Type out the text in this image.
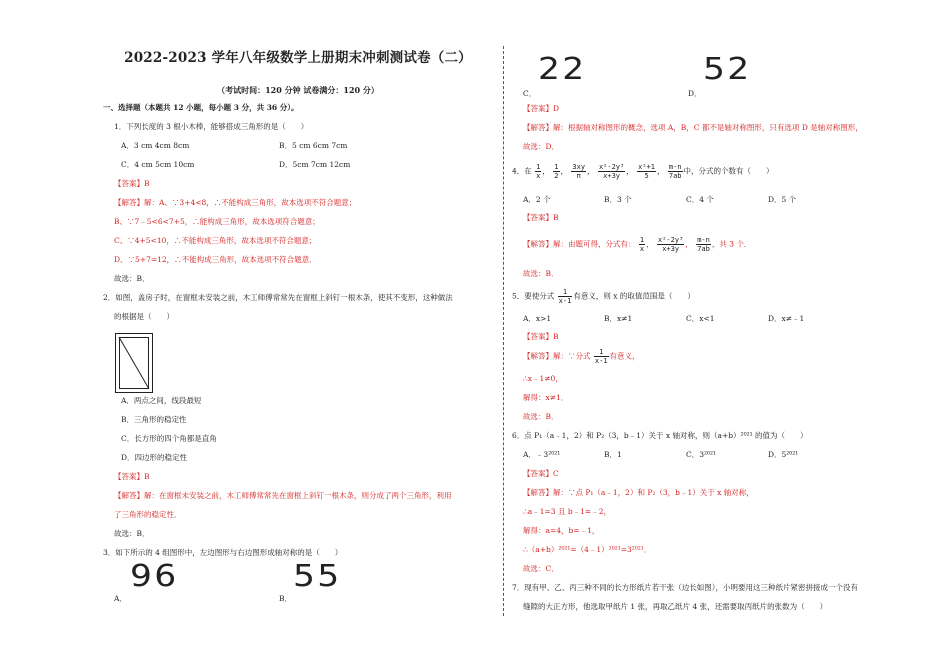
2022-2023 学年八年级数学上册期末冲刺测试卷（二）
（考试时间：120 分钟 试卷满分：120 分）
一、选择题（本题共 12 小题，每小题 3 分，共 36 分）。
1．下列长度的 3 根小木棒，能够搭成三角形的是（　　）
A．3 cm 4cm 8cm	B．5 cm 6cm 7cm
C．4 cm 5cm 10cm	D．5cm 7cm 12cm
【答案】B
【解答】解：A、∵3+4<8，∴不能构成三角形，故本选项不符合题意；
B、∵7﹣5<6<7+5，∴能构成三角形，故本选项符合题意；
C、∵4+5<10，∴不能构成三角形，故本选项不符合题意；
D、∵5+7=12，∴不能构成三角形，故本选项不符合题意．
故选：B．
2．如图，盖房子时，在窗框未安装之前，木工师傅常常先在窗框上斜钉一根木条，使其不变形，这种做法
的根据是（　　）
A．两点之间，线段最短
B．三角形的稳定性
C．长方形的四个角都是直角
D．四边形的稳定性
【答案】B
【解答】解：在窗框未安装之前，木工师傅常常先在窗框上斜钉一根木条，则分成了两个三角形，利用
了三角形的稳定性．
故选：B．
3．如下所示的 4 组图形中，左边图形与右边图形成轴对称的是（　　）
A．
96
B．
55
C．
22
D．
52
【答案】D
【解答】解：根据轴对称图形的概念，选项 A，B，C 都不是轴对称图形，只有选项 D 是轴对称图形，
故选：D．
4．在 $\frac{1}{x}$ ， $\frac{1}{2}$ ， $\frac{3xy}{\pi}$ ， $\frac{\text{x²-2y³}}{x+3y}$ ， $\frac{\text{x²+1}}{5}$ ， $\frac{m-n}{7ab}$ 中，分式的个数有（　　）
A．2 个	B．3 个	C．4 个	D．5 个
【答案】B
【解答】解：由题可得，分式有： $\frac{1}{x}$ ， $\frac{\text{x²-2y³}}{x+3y}$ ， $\frac{m-n}{7ab}$ ，共 3 个．
故选：B．
5．要使分式 $\frac{1}{x-1}$ 有意义，则 x 的取值范围是（　　）
A．x>1	B．x≠1	C．x<1	D．x≠﹣1
【答案】B
【解答】解：∵分式 $\frac{1}{x-1}$ 有意义，
∴x﹣1≠0，
解得：x≠1．
故选：B．
6．点 P₁（a﹣1，2）和 P₂（3，b﹣1）关于 x 轴对称，则（a+b）²⁰²¹ 的值为（　　）
A．﹣3²⁰²¹	B．1	C．3²⁰²¹	D．5²⁰²¹
【答案】C
【解答】解：∵点 P₁（a﹣1，2）和 P₂（3，b﹣1）关于 x 轴对称，
∴a﹣1=3 且 b﹣1=﹣2，
解得：a=4，b=﹣1，
∴（a+b）²⁰²¹=（4﹣1）²⁰²¹=3²⁰²¹．
故选：C．
7．现有甲、乙、丙三种不同的长方形纸片若干张（边长如图），小明要用这三种纸片紧密拼接成一个没有
缝隙的大正方形，他选取甲纸片 1 张，再取乙纸片 4 张，还需要取丙纸片的张数为（　　）
